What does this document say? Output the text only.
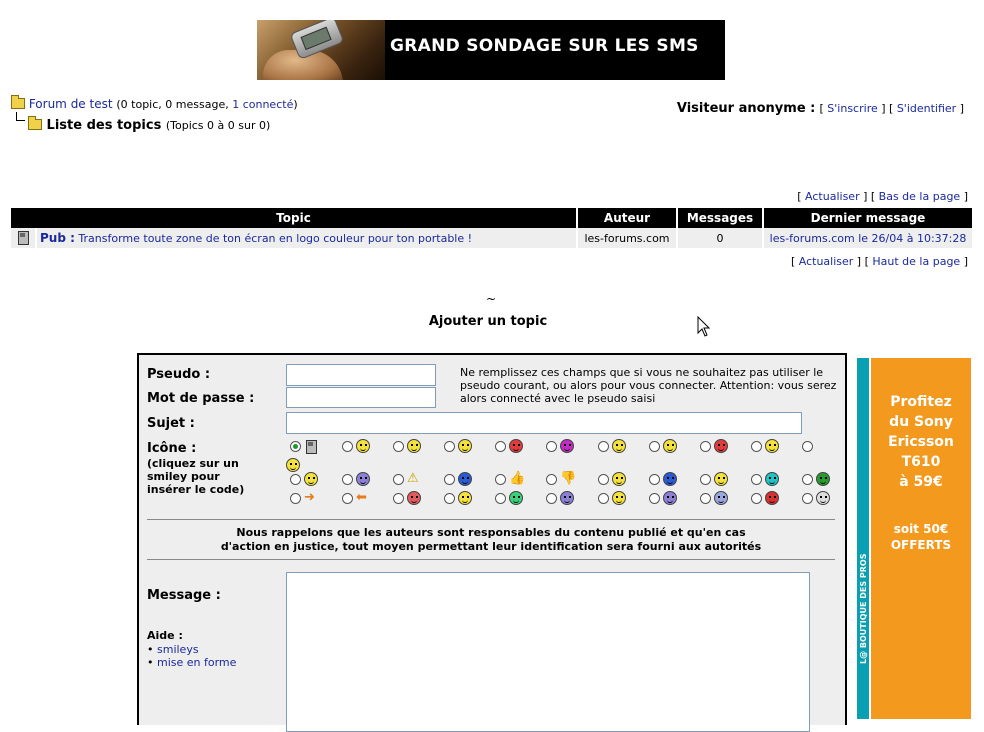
GRAND SONDAGE SUR LES SMS
Forum de test (0 topic, 0 message, 1 connecté)
Liste des topics (Topics 0 à 0 sur 0)
Visiteur anonyme : [ S'inscrire ] [ S'identifier ]
[ Actualiser ] [ Bas de la page ]
Topic		Auteur	Messages	Dernier message
	Pub : Transforme toute zone de ton écran en logo couleur pour ton portable !	les-forums.com	0	les-forums.com le 26/04 à 10:37:28
[ Actualiser ] [ Haut de la page ]
~
Ajouter un topic
Pseudo :
Mot de passe :
Ne remplissez ces champs que si vous ne souhaitez pas utiliser le pseudo courant, ou alors pour vous connecter. Attention: vous serez alors connecté avec le pseudo saisi
Sujet :
Icône :
(cliquez sur un smiley pour insérer le code)
⚠	👍	👎
➜	⬅
Nous rappelons que les auteurs sont responsables du contenu publié et qu'en cas
d'action en justice, tout moyen permettant leur identification sera fourni aux autorités
Message :
Aide :
• smileys
• mise en forme	L@ BOUTIQUE DES PROS
Profitez
du Sony
Ericsson
T610
à 59€
soit 50€
OFFERTS
